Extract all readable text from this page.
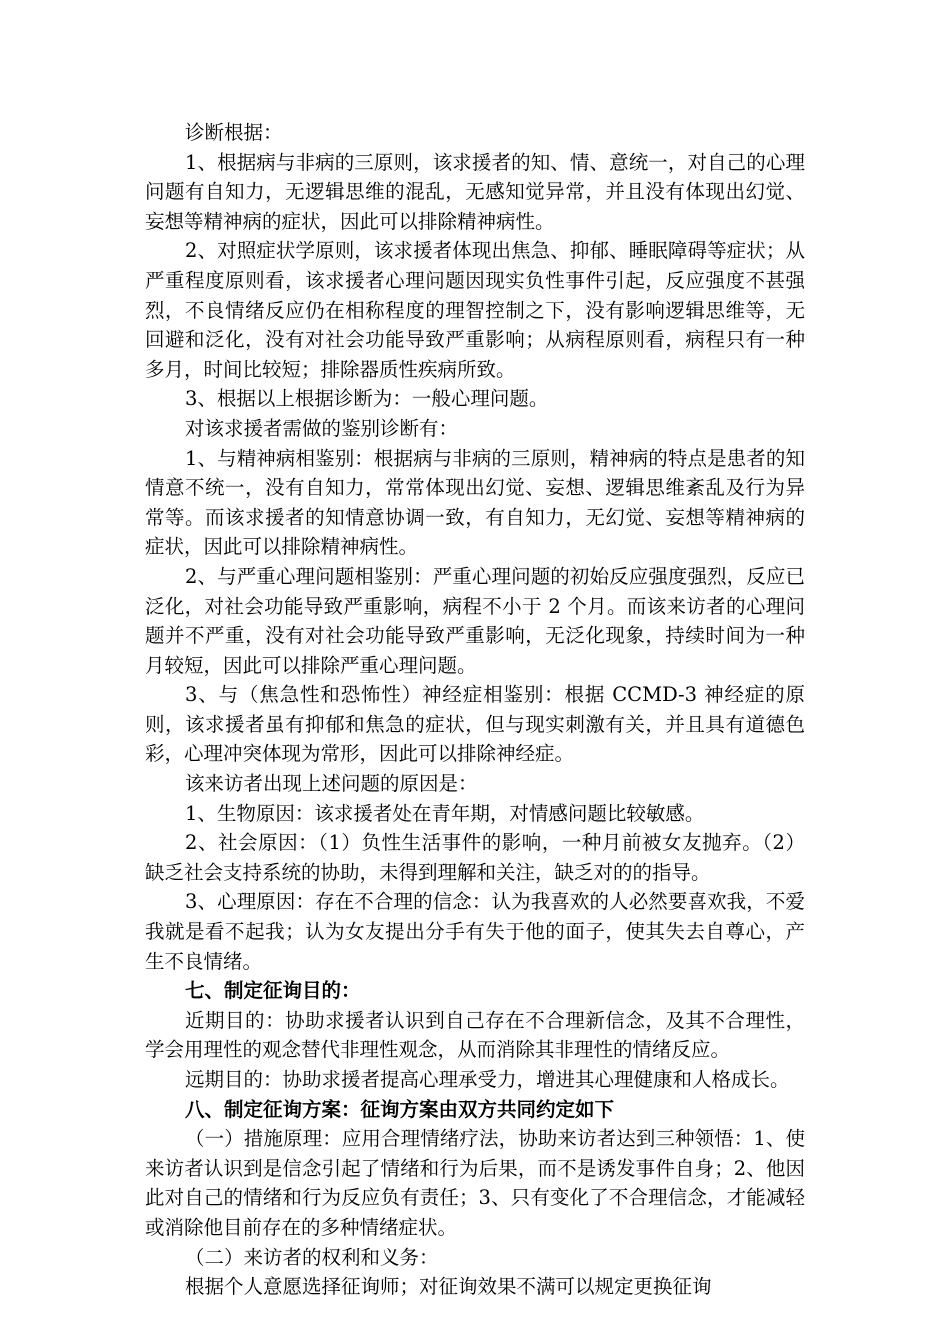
诊断根据：

1、根据病与非病的三原则，该求援者的知、情、意统一，对自己的心理问题有自知力，无逻辑思维的混乱，无感知觉异常，并且没有体现出幻觉、妄想等精神病的症状，因此可以排除精神病性。

2、对照症状学原则，该求援者体现出焦急、抑郁、睡眠障碍等症状；从严重程度原则看，该求援者心理问题因现实负性事件引起，反应强度不甚强烈，不良情绪反应仍在相称程度的理智控制之下，没有影响逻辑思维等，无回避和泛化，没有对社会功能导致严重影响；从病程原则看，病程只有一种多月，时间比较短；排除器质性疾病所致。

3、根据以上根据诊断为：一般心理问题。

对该求援者需做的鉴别诊断有：

1、与精神病相鉴别：根据病与非病的三原则，精神病的特点是患者的知情意不统一，没有自知力，常常体现出幻觉、妄想、逻辑思维紊乱及行为异常等。而该求援者的知情意协调一致，有自知力，无幻觉、妄想等精神病的症状，因此可以排除精神病性。

2、与严重心理问题相鉴别：严重心理问题的初始反应强度强烈，反应已泛化，对社会功能导致严重影响，病程不小于 2 个月。而该来访者的心理问题并不严重，没有对社会功能导致严重影响，无泛化现象，持续时间为一种月较短，因此可以排除严重心理问题。

3、与（焦急性和恐怖性）神经症相鉴别：根据 CCMD-3 神经症的原则，该求援者虽有抑郁和焦急的症状，但与现实刺激有关，并且具有道德色彩，心理冲突体现为常形，因此可以排除神经症。

该来访者出现上述问题的原因是：

1、生物原因：该求援者处在青年期，对情感问题比较敏感。

2、社会原因：（1）负性生活事件的影响，一种月前被女友抛弃。（2）缺乏社会支持系统的协助，未得到理解和关注，缺乏对的的指导。

3、心理原因：存在不合理的信念：认为我喜欢的人必然要喜欢我，不爱我就是看不起我；认为女友提出分手有失于他的面子，使其失去自尊心，产生不良情绪。

七、制定征询目的：

近期目的：协助求援者认识到自己存在不合理新信念，及其不合理性，学会用理性的观念替代非理性观念，从而消除其非理性的情绪反应。

远期目的：协助求援者提高心理承受力，增进其心理健康和人格成长。

八、制定征询方案：征询方案由双方共同约定如下

（一）措施原理：应用合理情绪疗法，协助来访者达到三种领悟：1、使来访者认识到是信念引起了情绪和行为后果，而不是诱发事件自身；2、他因此对自己的情绪和行为反应负有责任；3、只有变化了不合理信念，才能减轻或消除他目前存在的多种情绪症状。

（二）来访者的权利和义务：

根据个人意愿选择征询师；对征询效果不满可以规定更换征询
